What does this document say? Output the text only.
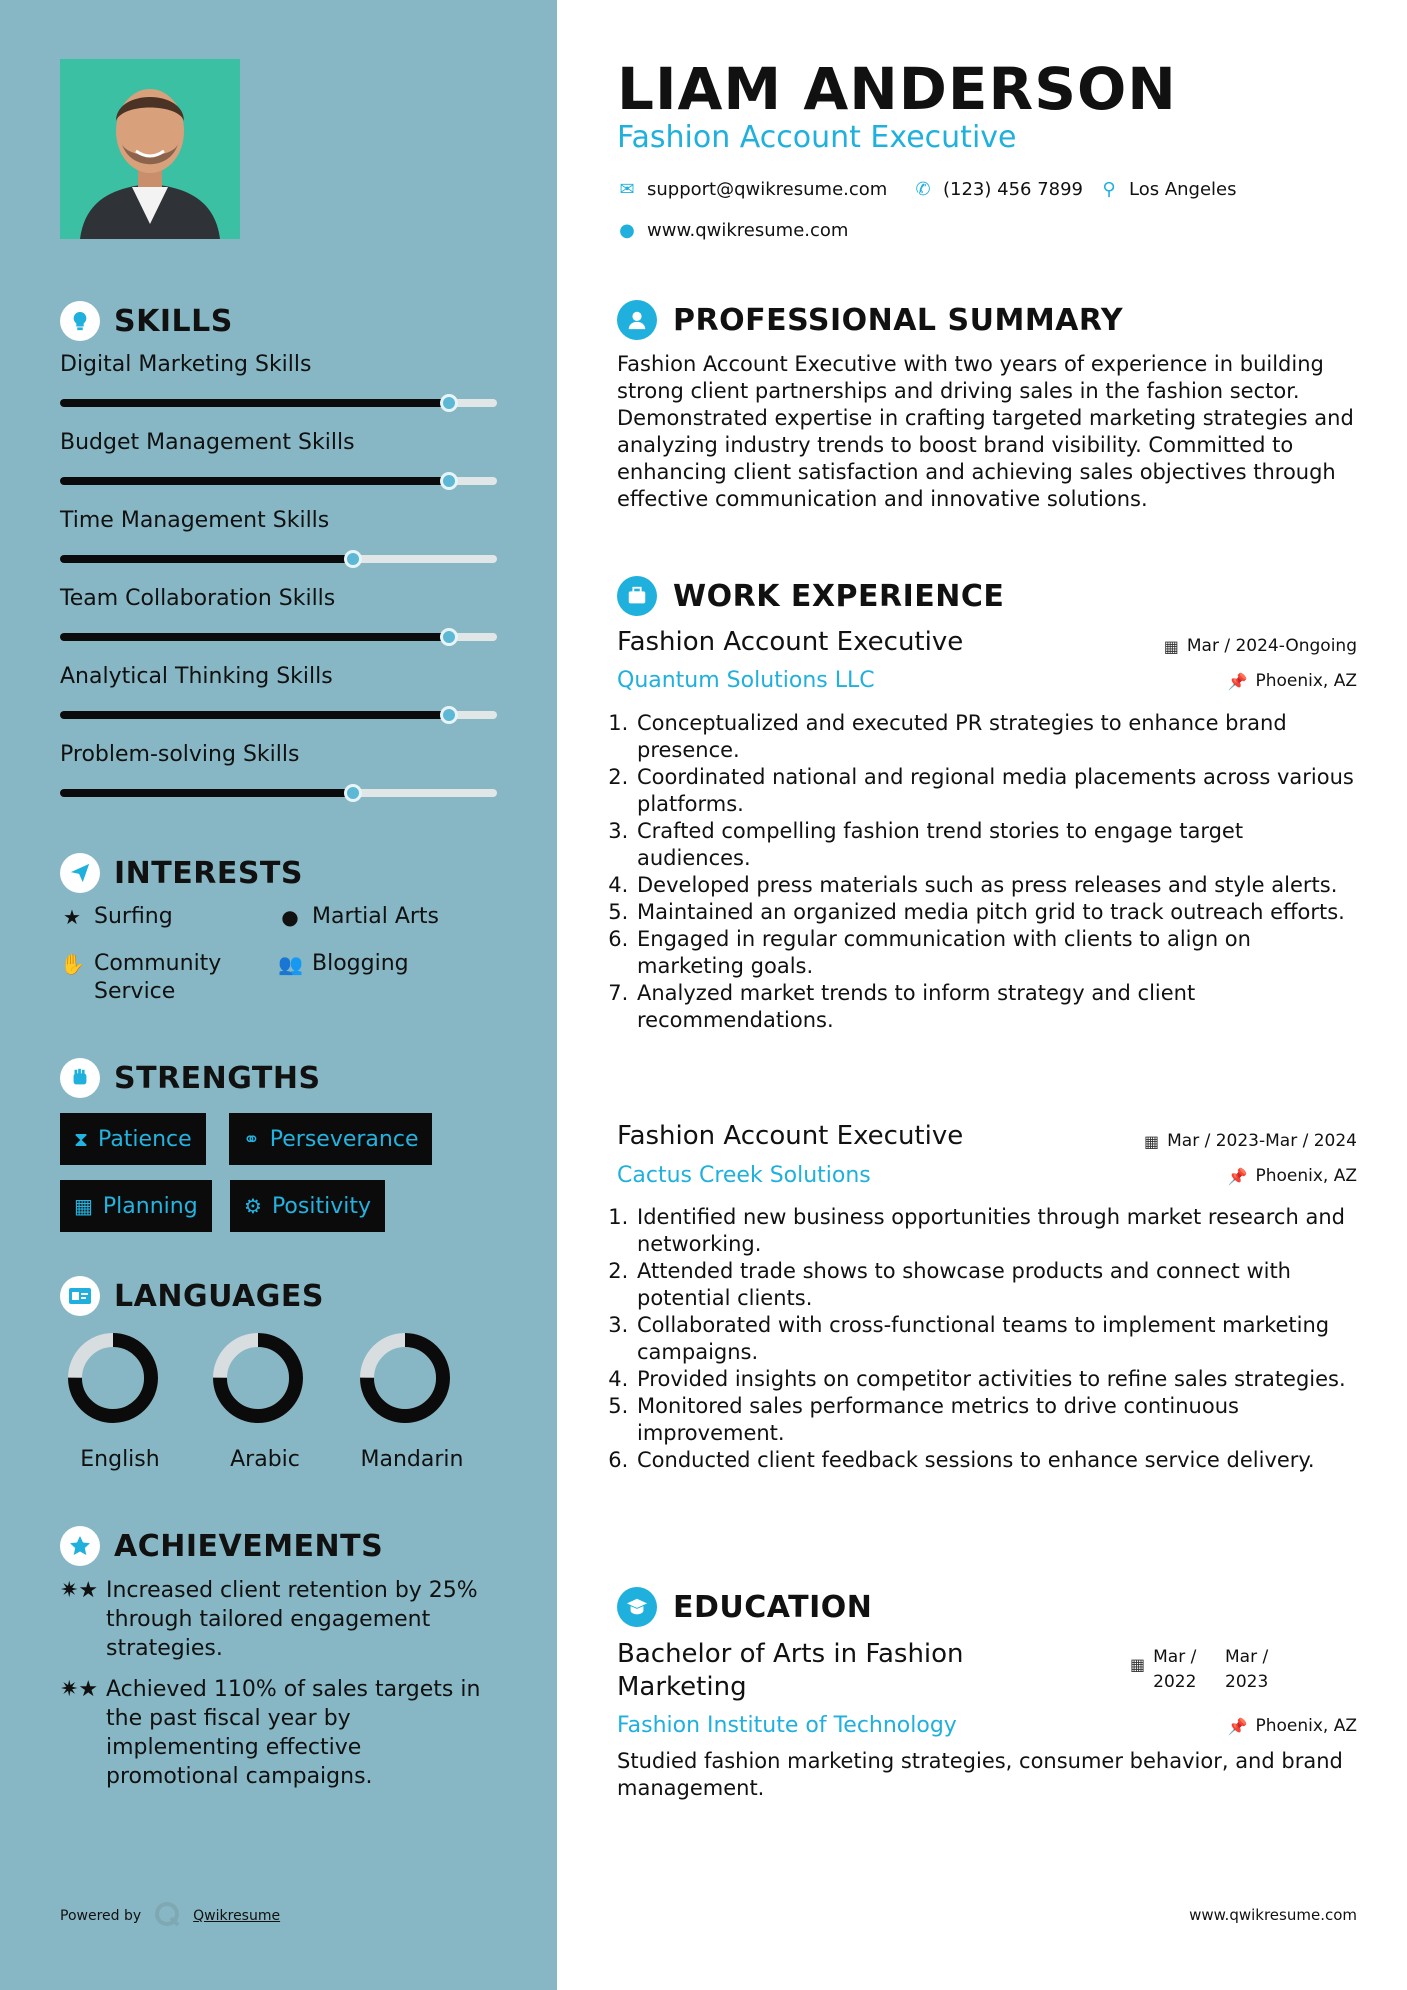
SKILLS
Digital Marketing Skills
Budget Management Skills
Time Management Skills
Team Collaboration Skills
Analytical Thinking Skills
Problem-solving Skills
INTERESTS
★ Surfing	● Martial Arts
✋ Community Service
👥 Blogging
STRENGTHS
⧗ Patience	⚭ Perseverance
▦ Planning ⚙ Positivity
LANGUAGES
English	Arabic	Mandarin
ACHIEVEMENTS
✷★ Increased client retention by 25% through tailored engagement strategies.
✷★ Achieved 110% of sales targets in the past fiscal year by implementing effective promotional campaigns.
Powered by	Qwikresume
LIAM ANDERSON
Fashion Account Executive
✉ support@qwikresume.com ✆ (123) 456 7899 ⚲ Los Angeles
● www.qwikresume.com
PROFESSIONAL SUMMARY
Fashion Account Executive with two years of experience in building strong client partnerships and driving sales in the fashion sector. Demonstrated expertise in crafting targeted marketing strategies and analyzing industry trends to boost brand visibility. Committed to enhancing client satisfaction and achieving sales objectives through effective communication and innovative solutions.
WORK EXPERIENCE
Fashion Account Executive	▦ Mar / 2024-Ongoing
Quantum Solutions LLC	📌 Phoenix, AZ
1. Conceptualized and executed PR strategies to enhance brand presence.
2. Coordinated national and regional media placements across various platforms.
3. Crafted compelling fashion trend stories to engage target audiences.
4. Developed press materials such as press releases and style alerts.
5. Maintained an organized media pitch grid to track outreach efforts.
6. Engaged in regular communication with clients to align on marketing goals.
7. Analyzed market trends to inform strategy and client recommendations.
Fashion Account Executive	▦ Mar / 2023-Mar / 2024
Cactus Creek Solutions	📌 Phoenix, AZ
1. Identified new business opportunities through market research and networking.
2. Attended trade shows to showcase products and connect with potential clients.
3. Collaborated with cross-functional teams to implement marketing campaigns.
4. Provided insights on competitor activities to refine sales strategies.
5. Monitored sales performance metrics to drive continuous improvement.
6. Conducted client feedback sessions to enhance service delivery.
EDUCATION
Bachelor of Arts in Fashion Marketing
▦ Mar / 2022
Mar / 2023
Fashion Institute of Technology	📌 Phoenix, AZ
Studied fashion marketing strategies, consumer behavior, and brand management.
www.qwikresume.com
